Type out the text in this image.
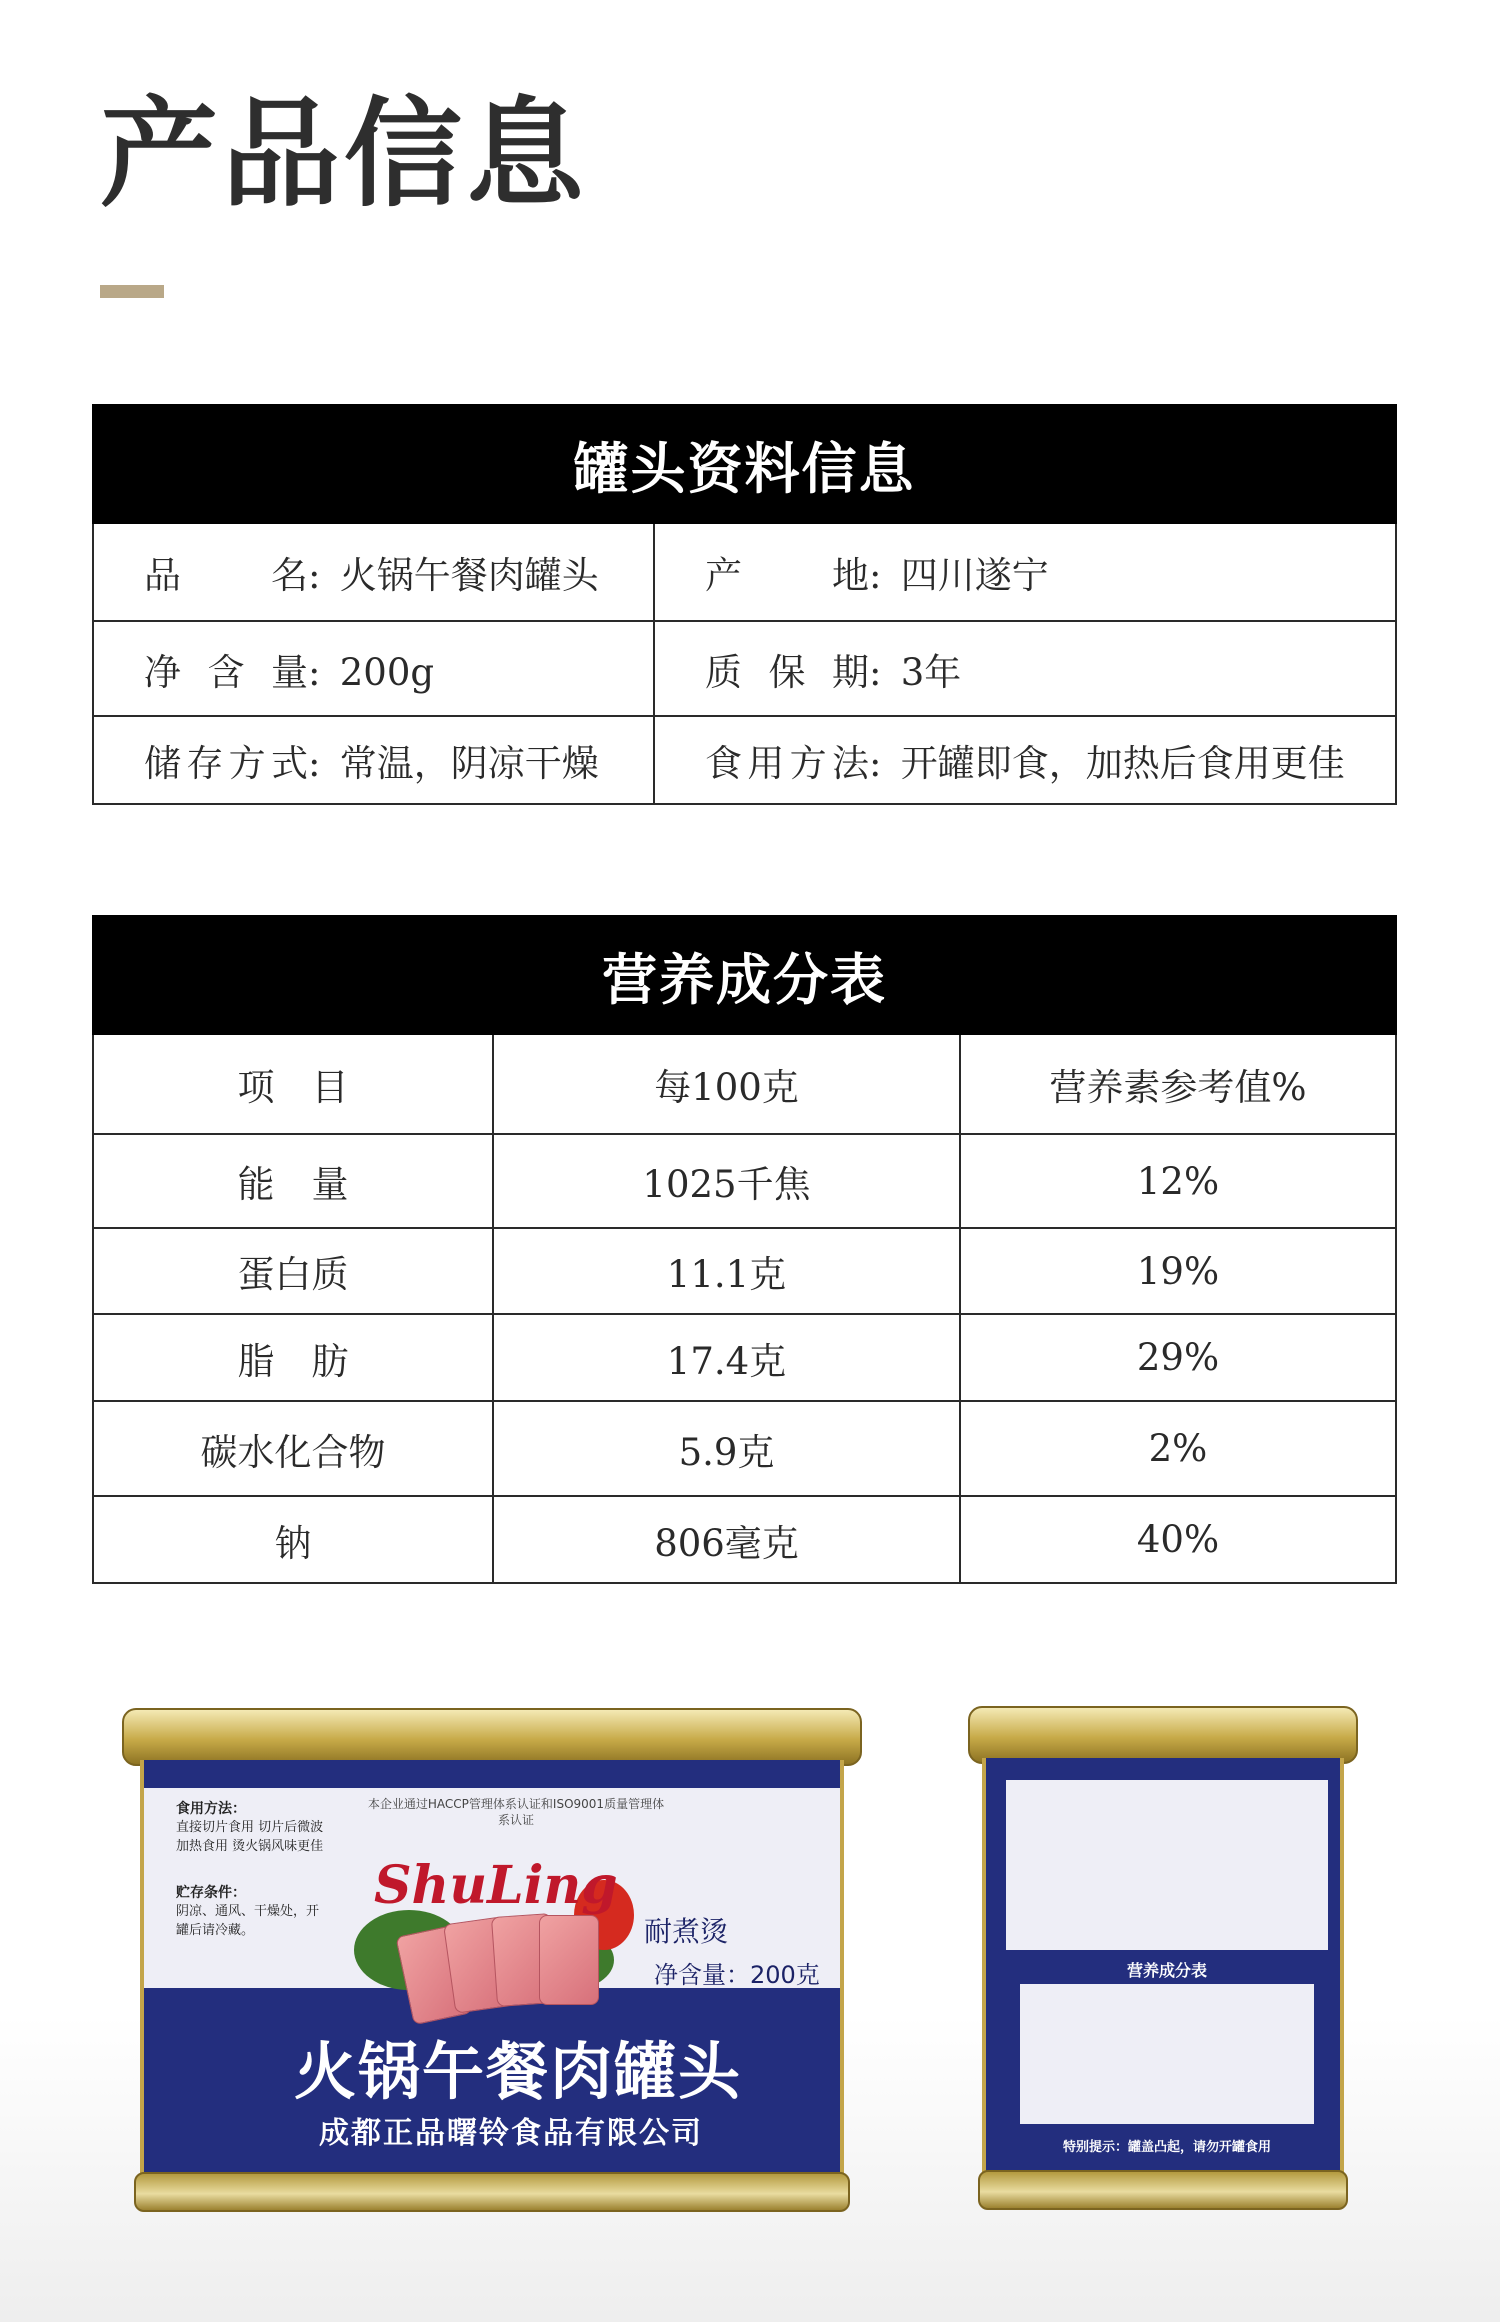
产品信息
罐头资料信息	
品　　名: 火锅午餐肉罐头	产　　地: 四川遂宁
净含量: 200g	质保期: 3年
储存方式: 常温，阴凉干燥	食用方法: 开罐即食，加热后食用更佳
营养成分表		
项　目	每100克	营养素参考值%
能　量	1025千焦	12%
蛋白质	11.1克	19%
脂　肪	17.4克	29%
碳水化合物	5.9克	2%
钠	806毫克	40%
食用方法：
直接切片食用 切片后微波加热食用 烫火锅风味更佳
贮存条件：
阴凉、通风、干燥处，开罐后请冷藏。
本企业通过HACCP管理体系认证和ISO9001质量管理体系认证
ShuLing
耐煮烫
净含量：200克
火锅午餐肉罐头
成都正品曙铃食品有限公司
营养成分表
特别提示：罐盖凸起，请勿开罐食用
